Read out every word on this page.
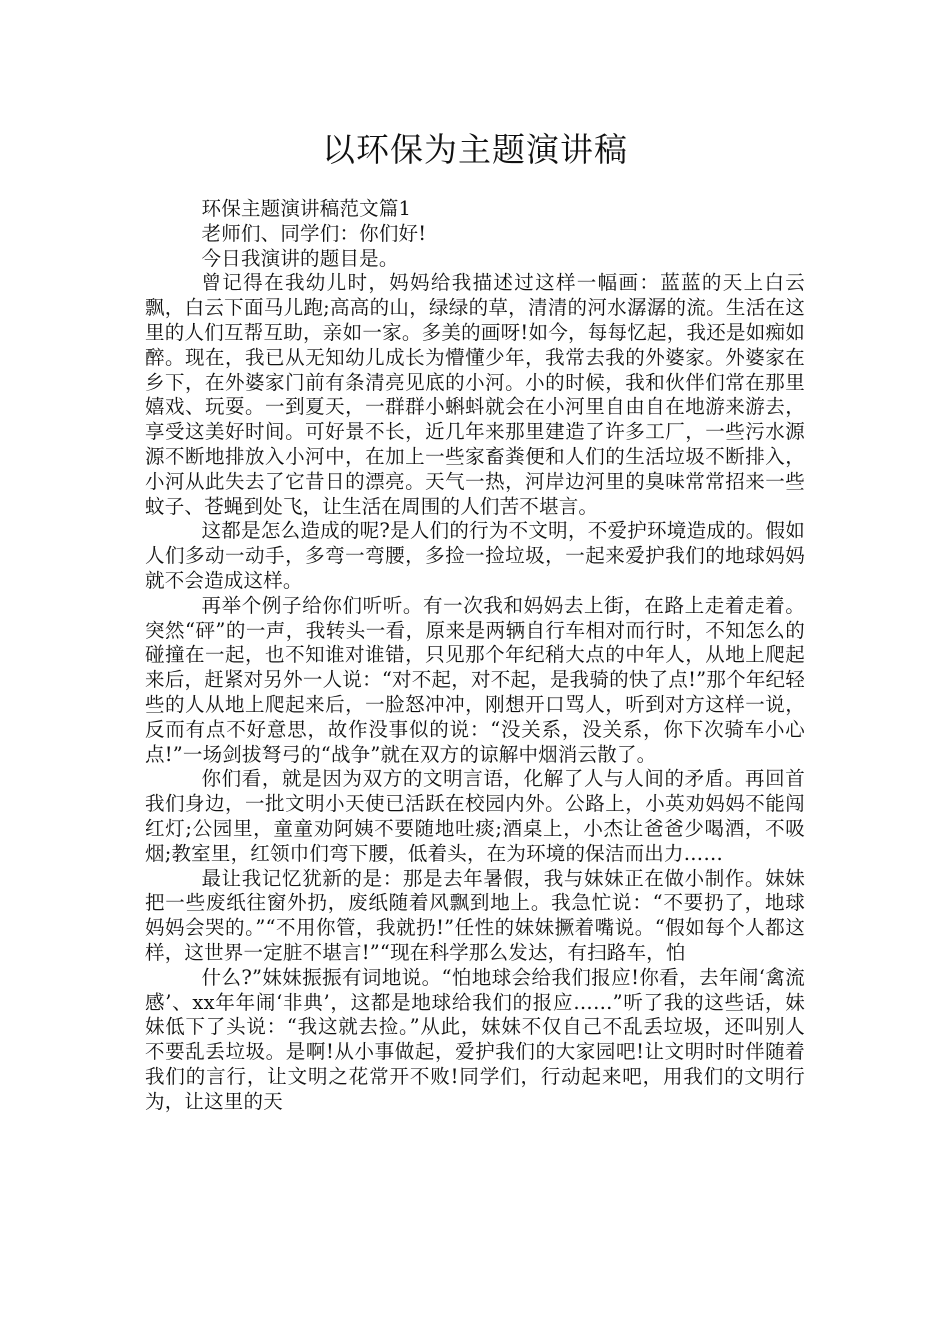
以环保为主题演讲稿

环保主题演讲稿范文篇1

老师们、同学们：你们好!

今日我演讲的题目是。

曾记得在我幼儿时，妈妈给我描述过这样一幅画：蓝蓝的天上白云飘，白云下面马儿跑;高高的山，绿绿的草，清清的河水潺潺的流。生活在这里的人们互帮互助，亲如一家。多美的画呀!如今，每每忆起，我还是如痴如醉。现在，我已从无知幼儿成长为懵懂少年，我常去我的外婆家。外婆家在乡下，在外婆家门前有条清亮见底的小河。小的时候，我和伙伴们常在那里嬉戏、玩耍。一到夏天，一群群小蝌蚪就会在小河里自由自在地游来游去，享受这美好时间。可好景不长，近几年来那里建造了许多工厂，一些污水源源不断地排放入小河中，在加上一些家畜粪便和人们的生活垃圾不断排入，小河从此失去了它昔日的漂亮。天气一热，河岸边河里的臭味常常招来一些蚊子、苍蝇到处飞，让生活在周围的人们苦不堪言。

这都是怎么造成的呢?是人们的行为不文明，不爱护环境造成的。假如人们多动一动手，多弯一弯腰，多捡一捡垃圾，一起来爱护我们的地球妈妈就不会造成这样。

再举个例子给你们听听。有一次我和妈妈去上街，在路上走着走着。突然“砰”的一声，我转头一看，原来是两辆自行车相对而行时，不知怎么的碰撞在一起，也不知谁对谁错，只见那个年纪稍大点的中年人，从地上爬起来后，赶紧对另外一人说：“对不起，对不起，是我骑的快了点!”那个年纪轻些的人从地上爬起来后，一脸怒冲冲，刚想开口骂人，听到对方这样一说，反而有点不好意思，故作没事似的说：“没关系，没关系，你下次骑车小心点!”一场剑拔弩弓的“战争”就在双方的谅解中烟消云散了。

你们看，就是因为双方的文明言语，化解了人与人间的矛盾。再回首我们身边，一批文明小天使已活跃在校园内外。公路上，小英劝妈妈不能闯红灯;公园里，童童劝阿姨不要随地吐痰;酒桌上，小杰让爸爸少喝酒，不吸烟;教室里，红领巾们弯下腰，低着头，在为环境的保洁而出力……

最让我记忆犹新的是：那是去年暑假，我与妹妹正在做小制作。妹妹把一些废纸往窗外扔，废纸随着风飘到地上。我急忙说：“不要扔了，地球妈妈会哭的。”“不用你管，我就扔!”任性的妹妹撅着嘴说。“假如每个人都这样，这世界一定脏不堪言!”“现在科学那么发达，有扫路车，怕

什么?”妹妹振振有词地说。“怕地球会给我们报应!你看，去年闹‘禽流感’、xx年年闹‘非典’，这都是地球给我们的报应……”听了我的这些话，妹妹低下了头说：“我这就去捡。”从此，妹妹不仅自己不乱丢垃圾，还叫别人不要乱丢垃圾。是啊!从小事做起，爱护我们的大家园吧!让文明时时伴随着我们的言行，让文明之花常开不败!同学们，行动起来吧，用我们的文明行为，让这里的天
